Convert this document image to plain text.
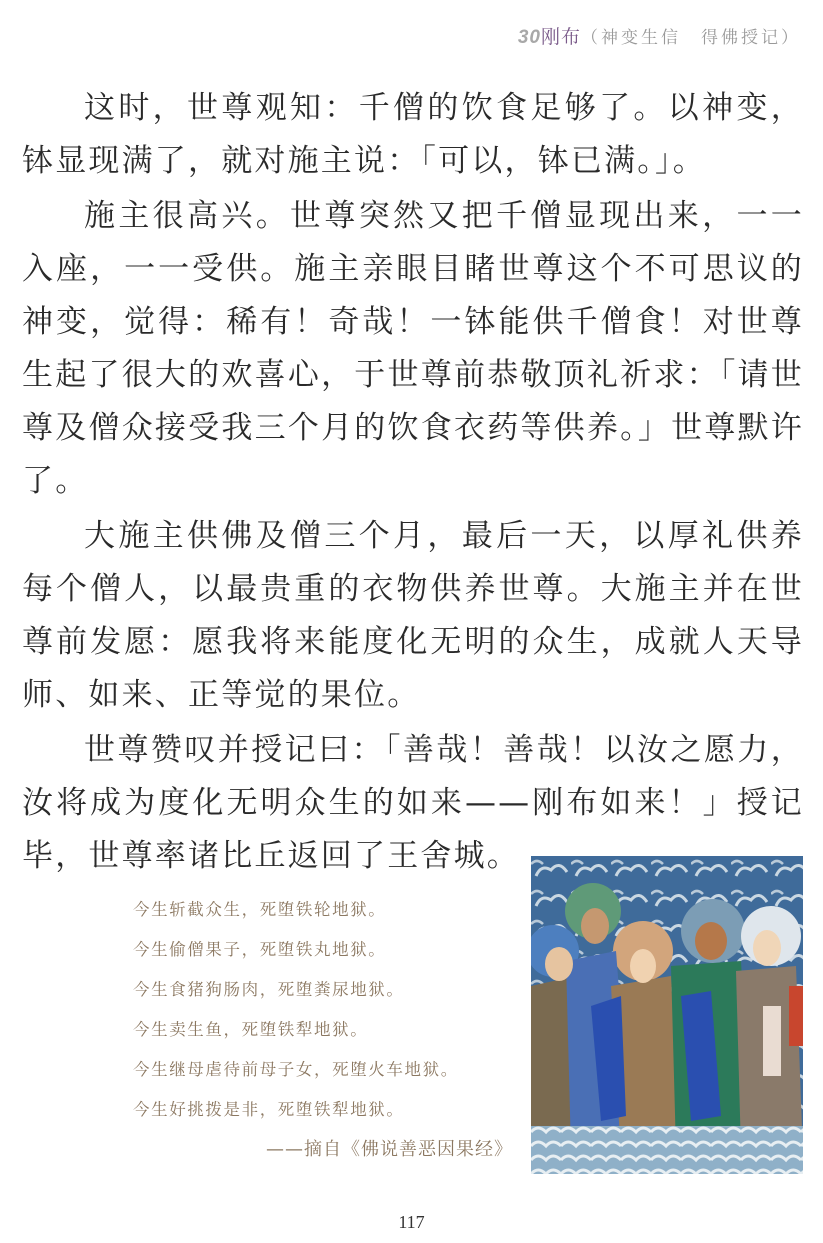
30刚布（神变生信　得佛授记）

这时，世尊观知：千僧的饮食足够了。以神变，钵显现满了，就对施主说：「可以，钵已满。」。

施主很高兴。世尊突然又把千僧显现出来，一一入座，一一受供。施主亲眼目睹世尊这个不可思议的神变，觉得：稀有！奇哉！一钵能供千僧食！对世尊生起了很大的欢喜心，于世尊前恭敬顶礼祈求：「请世尊及僧众接受我三个月的饮食衣药等供养。」世尊默许了。

大施主供佛及僧三个月，最后一天，以厚礼供养每个僧人，以最贵重的衣物供养世尊。大施主并在世尊前发愿：愿我将来能度化无明的众生，成就人天导师、如来、正等觉的果位。

世尊赞叹并授记曰：「善哉！善哉！以汝之愿力，汝将成为度化无明众生的如来——刚布如来！」授记毕，世尊率诸比丘返回了王舍城。

今生斩截众生，死堕铁轮地狱。
今生偷僧果子，死堕铁丸地狱。
今生食猪狗肠肉，死堕粪尿地狱。
今生卖生鱼，死堕铁犁地狱。
今生继母虐待前母子女，死堕火车地狱。
今生好挑拨是非，死堕铁犁地狱。
——摘自《佛说善恶因果经》
117
